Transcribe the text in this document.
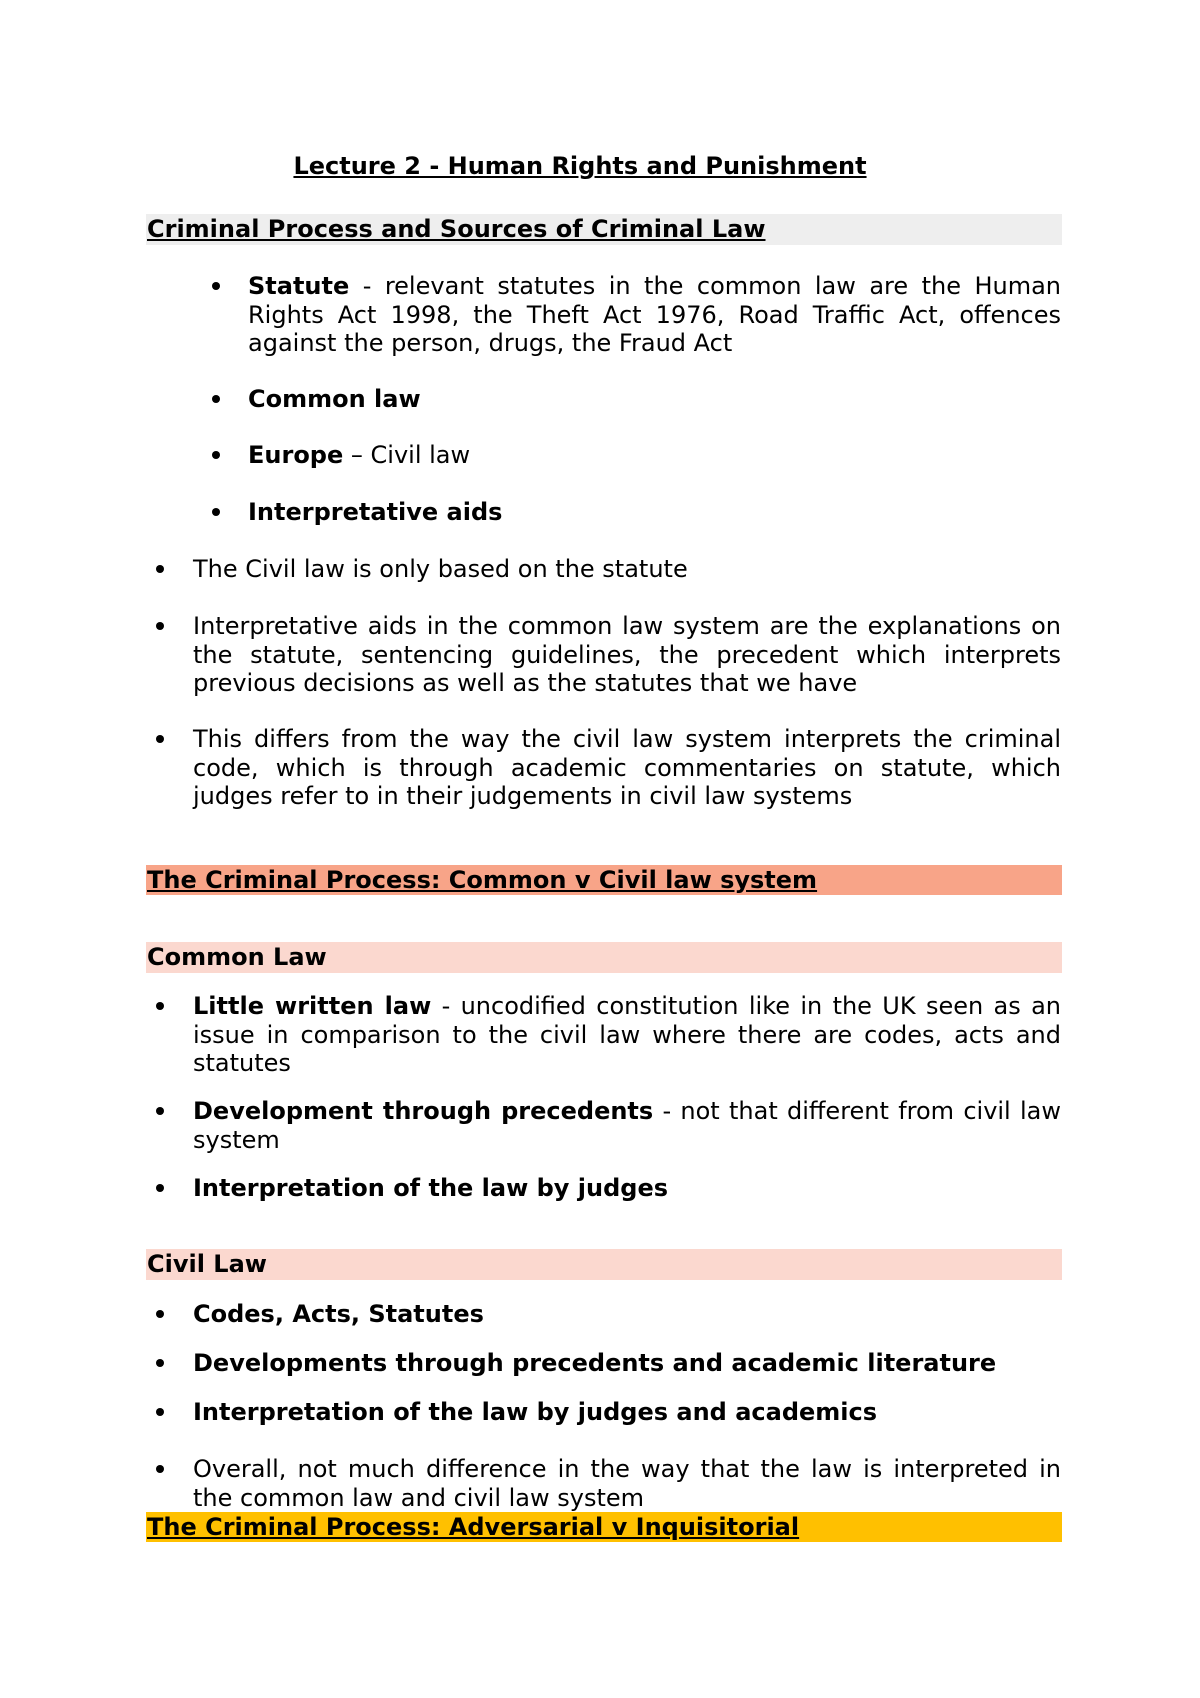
Lecture 2 - Human Rights and Punishment
Criminal Process and Sources of Criminal Law
Statute - relevant statutes in the common law are the Human Rights Act 1998, the Theft Act 1976, Road Traffic Act, offences against the person, drugs, the Fraud Act
Common law
Europe – Civil law
Interpretative aids
The Civil law is only based on the statute
Interpretative aids in the common law system are the explanations on the statute, sentencing guidelines, the precedent which interprets previous decisions as well as the statutes that we have
This differs from the way the civil law system interprets the criminal code, which is through academic commentaries on statute, which judges refer to in their judgements in civil law systems
The Criminal Process: Common v Civil law system
Common Law
Little written law - uncodified constitution like in the UK seen as an issue in comparison to the civil law where there are codes, acts and statutes
Development through precedents - not that different from civil law system
Interpretation of the law by judges
Civil Law
Codes, Acts, Statutes
Developments through precedents and academic literature
Interpretation of the law by judges and academics
Overall, not much difference in the way that the law is interpreted in the common law and civil law system
The Criminal Process: Adversarial v Inquisitorial
